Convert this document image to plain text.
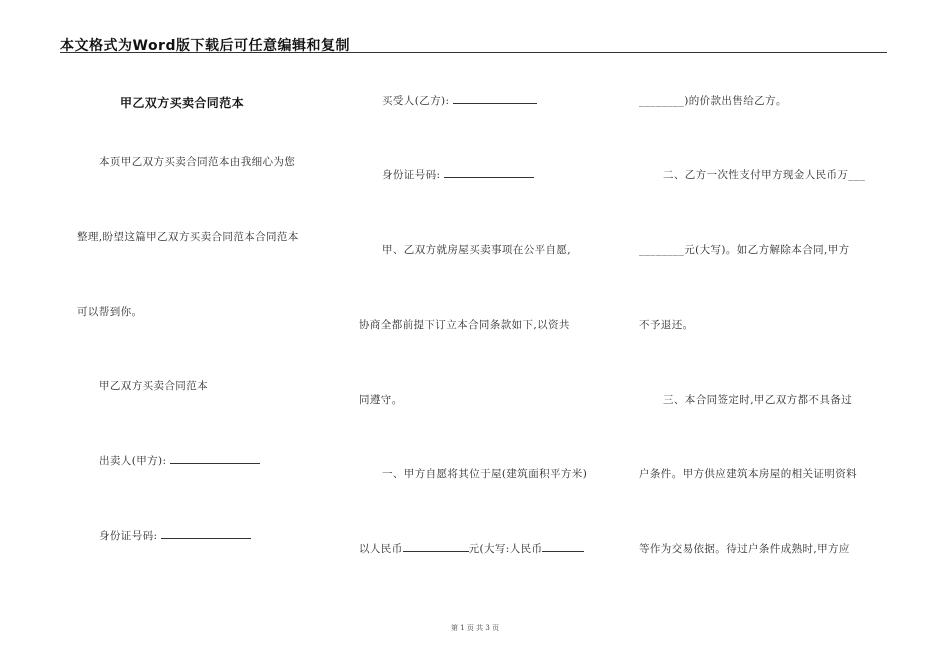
本文格式为Word版下载后可任意编辑和复制
甲乙双方买卖合同范本
本页甲乙双方买卖合同范本由我细心为您
整理,盼望这篇甲乙双方买卖合同范本合同范本
可以帮到你。
甲乙双方买卖合同范本
出卖人(甲方):
身份证号码:
买受人(乙方):
身份证号码:
甲、乙双方就房屋买卖事项在公平自愿,
协商全都前提下订立本合同条款如下,以资共
同遵守。
一、甲方自愿将其位于屋(建筑面积平方米)
以人民币	元(大写:人民币
________)的价款出售给乙方。
二、乙方一次性支付甲方现金人民币万___
________元(大写)。如乙方解除本合同,甲方
不予退还。
三、本合同签定时,甲乙双方都不具备过
户条件。甲方供应建筑本房屋的相关证明资料
等作为交易依据。待过户条件成熟时,甲方应
第 1 页 共 3 页
